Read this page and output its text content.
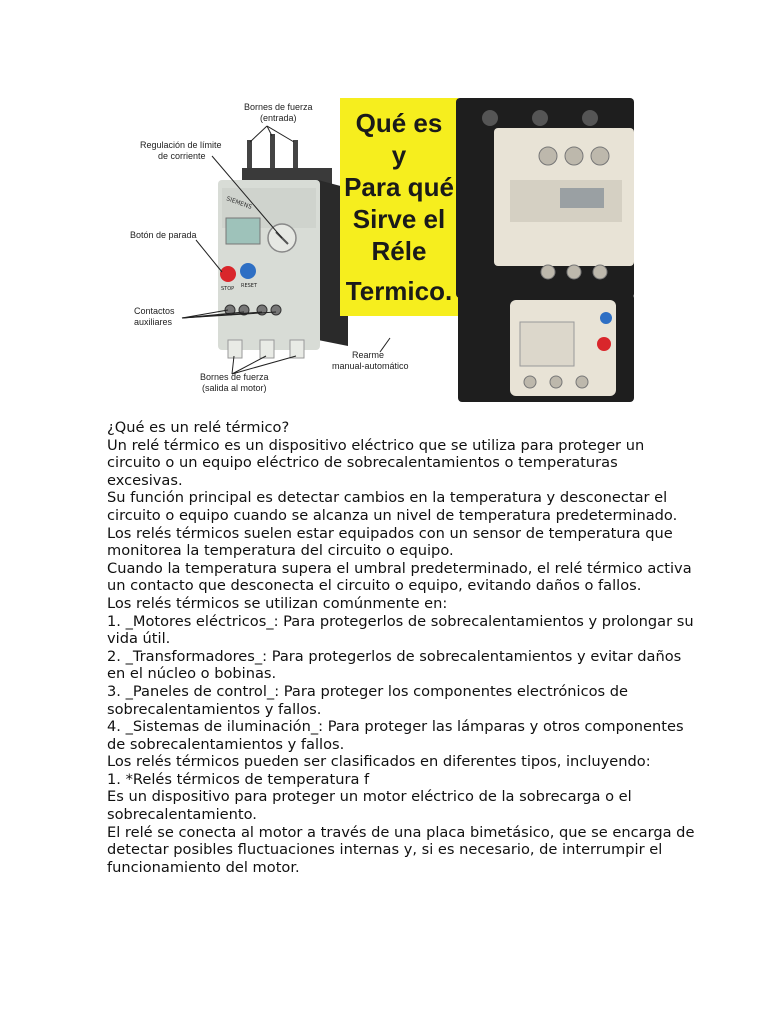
SIEMENS
STOP RESET
Bornes de fuerza
(entrada)
Regulación de límite
de corriente
Botón de parada
Contactos
auxiliares
Bornes de fuerza
(salida al motor)
Rearme
manual-automático
Qué es
y
Para qué
Sirve el
Réle
Termico.

¿Qué es un relé térmico?

Un relé térmico es un dispositivo eléctrico que se utiliza para proteger un circuito o un equipo eléctrico de sobrecalentamientos o temperaturas excesivas.

Su función principal es detectar cambios en la temperatura y desconectar el circuito o equipo cuando se alcanza un nivel de temperatura predeterminado.

Los relés térmicos suelen estar equipados con un sensor de temperatura que monitorea la temperatura del circuito o equipo.

Cuando la temperatura supera el umbral predeterminado, el relé térmico activa un contacto que desconecta el circuito o equipo, evitando daños o fallos.

Los relés térmicos se utilizan comúnmente en:

1. _Motores eléctricos_: Para protegerlos de sobrecalentamientos y prolongar su vida útil.

2. _Transformadores_: Para protegerlos de sobrecalentamientos y evitar daños en el núcleo o bobinas.

3. _Paneles de control_: Para proteger los componentes electrónicos de sobrecalentamientos y fallos.

4. _Sistemas de iluminación_: Para proteger las lámparas y otros componentes de sobrecalentamientos y fallos.

Los relés térmicos pueden ser clasificados en diferentes tipos, incluyendo:

1. *Relés térmicos de temperatura f

Es un dispositivo para proteger un motor eléctrico de la sobrecarga o el sobrecalentamiento.

El relé se conecta al motor a través de una placa bimetásico, que se encarga de detectar posibles fluctuaciones internas y, si es necesario, de interrumpir el funcionamiento del motor.
